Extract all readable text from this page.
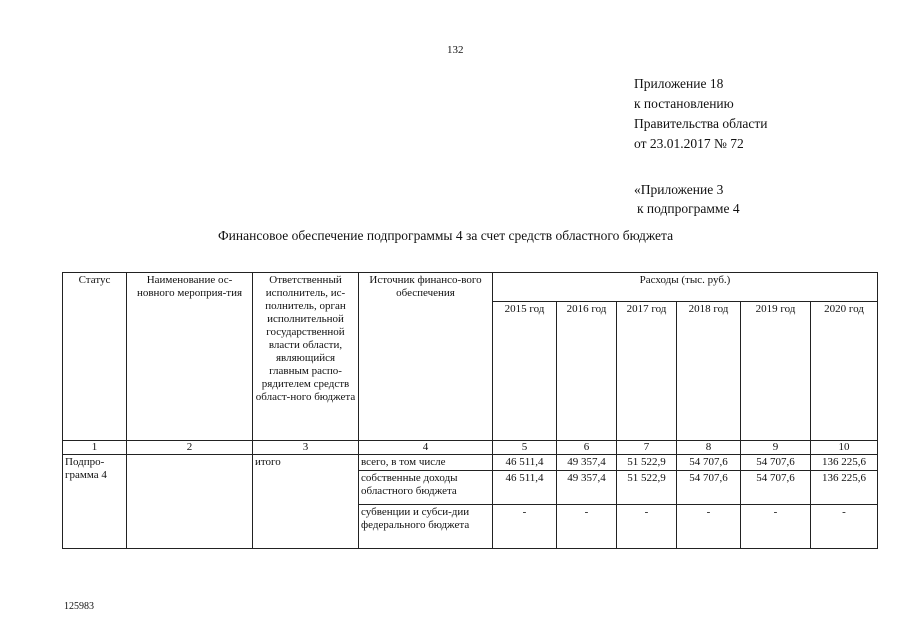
132
Приложение 18
к постановлению
Правительства области
от 23.01.2017 № 72
«Приложение 3
к подпрограмме 4
Финансовое обеспечение подпрограммы 4 за счет средств областного бюджета
Статус	Наименование ос-новного мероприя-тия	Ответственный исполнитель, ис-полнитель, орган исполнительной государственной власти области, являющийся главным распо-рядителем средств област-ного бюджета	Источник финансо-вого обеспечения	Расходы (тыс. руб.)					
				2015 год	2016 год	2017 год	2018 год	2019 год	2020 год
1	2	3	4	5	6	7	8	9	10
Подпро-грамма 4		итого	всего, в том числе	46 511,4	49 357,4	51 522,9	54 707,6	54 707,6	136 225,6
			собственные доходы областного бюджета	46 511,4	49 357,4	51 522,9	54 707,6	54 707,6	136 225,6
			субвенции и субси-дии федерального бюджета	-	-	-	-	-	-
125983
